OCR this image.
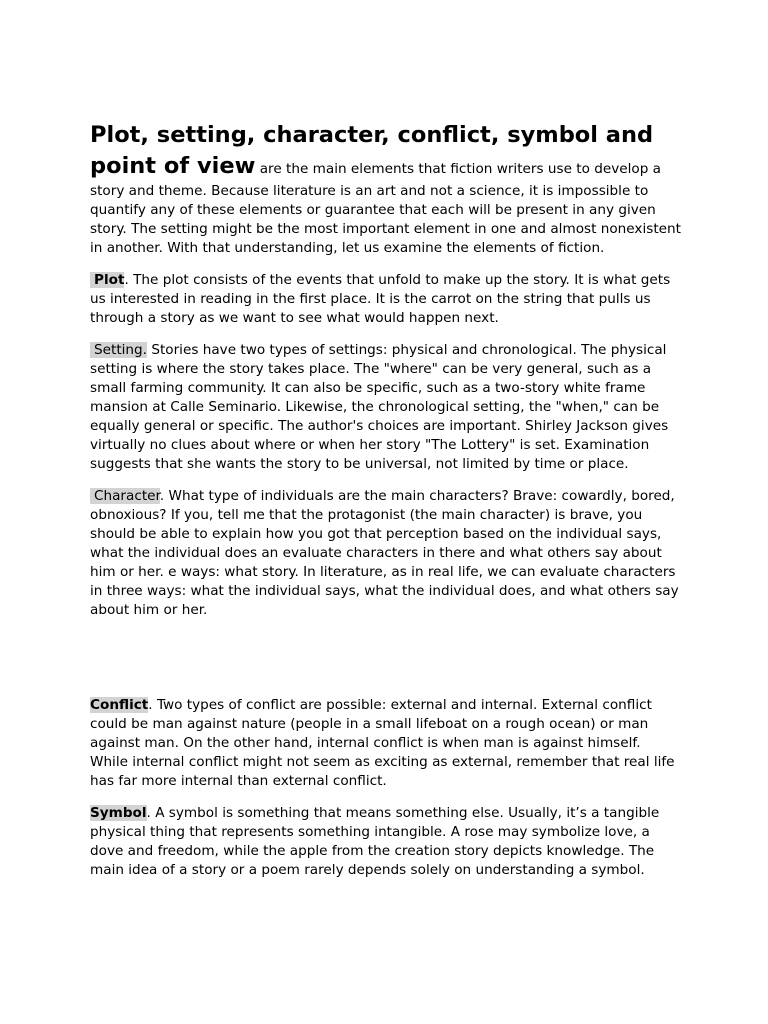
Plot, setting, character, conflict, symbol and
point of view are the main elements that fiction writers use to develop a story and theme. Because literature is an art and not a science, it is impossible to quantify any of these elements or guarantee that each will be present in any given story. The setting might be the most important element in one and almost nonexistent in another. With that understanding, let us examine the elements of fiction.

Plot. The plot consists of the events that unfold to make up the story. It is what gets us interested in reading in the first place. It is the carrot on the string that pulls us through a story as we want to see what would happen next.

Setting. Stories have two types of settings: physical and chronological. The physical setting is where the story takes place. The "where" can be very general, such as a small farming community. It can also be specific, such as a two-story white frame mansion at Calle Seminario. Likewise, the chronological setting, the "when," can be equally general or specific. The author's choices are important. Shirley Jackson gives virtually no clues about where or when her story "The Lottery" is set. Examination suggests that she wants the story to be universal, not limited by time or place.

Character. What type of individuals are the main characters? Brave: cowardly, bored, obnoxious? If you, tell me that the protagonist (the main character) is brave, you should be able to explain how you got that perception based on the individual says, what the individual does an evaluate characters in there and what others say about him or her. e ways: what story. In literature, as in real life, we can evaluate characters in three ways: what the individual says, what the individual does, and what others say about him or her.

Conflict. Two types of conflict are possible: external and internal. External conflict could be man against nature (people in a small lifeboat on a rough ocean) or man against man. On the other hand, internal conflict is when man is against himself. While internal conflict might not seem as exciting as external, remember that real life has far more internal than external conflict.

Symbol. A symbol is something that means something else. Usually, it’s a tangible physical thing that represents something intangible. A rose may symbolize love, a dove and freedom, while the apple from the creation story depicts knowledge. The main idea of a story or a poem rarely depends solely on understanding a symbol.
